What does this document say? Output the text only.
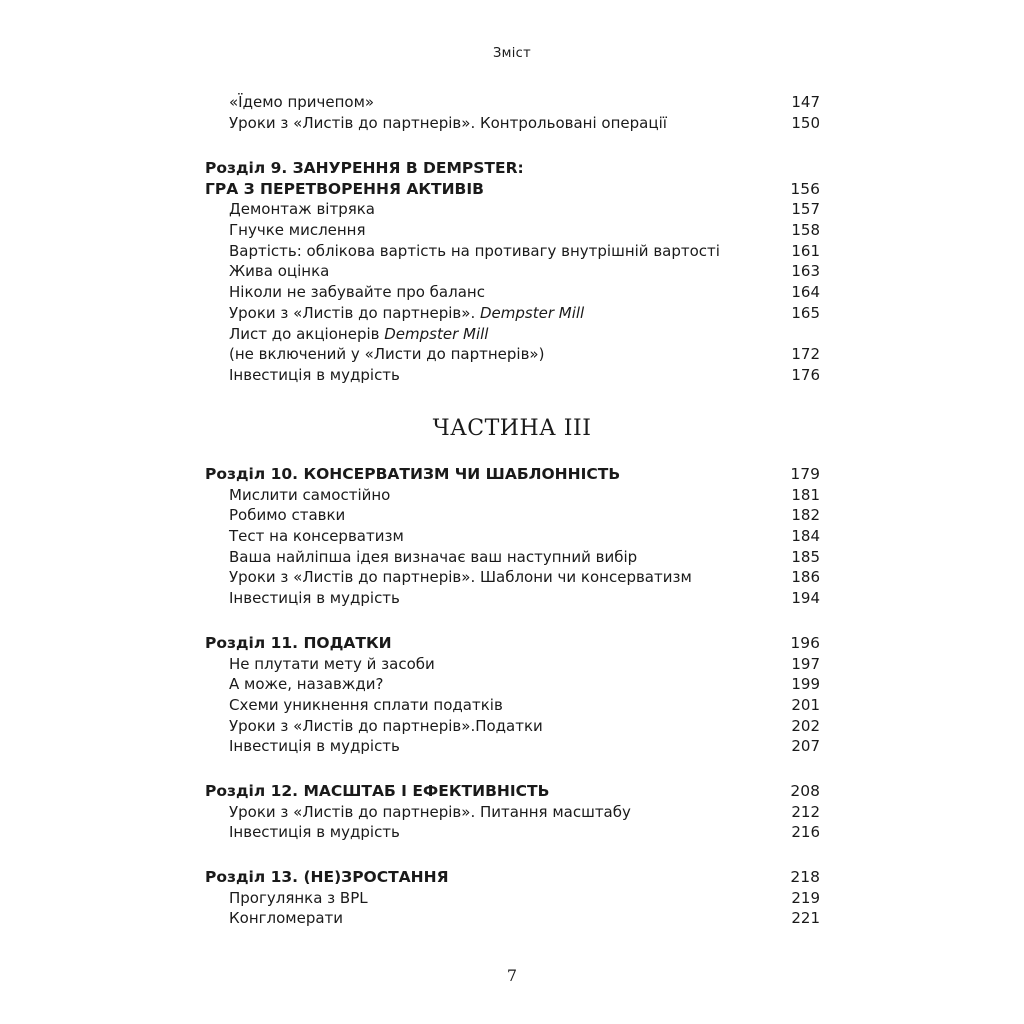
Зміст
«Їдемо причепом»	147
Уроки з «Листів до партнерів». Контрольовані операції	150
Розділ 9. ЗАНУРЕННЯ В DEMPSTER:
ГРА З ПЕРЕТВОРЕННЯ АКТИВІВ	156
Демонтаж вітряка	157
Гнучке мислення	158
Вартість: облікова вартість на противагу внутрішній вартості	161
Жива оцінка	163
Ніколи не забувайте про баланс	164
Уроки з «Листів до партнерів». Dempster Mill	165
Лист до акціонерів Dempster Mill
(не включений у «Листи до партнерів»)	172
Інвестиція в мудрість	176
ЧАСТИНА III
Розділ 10. КОНСЕРВАТИЗМ ЧИ ШАБЛОННІСТЬ	179
Мислити самостійно	181
Робимо ставки	182
Тест на консерватизм	184
Ваша найліпша ідея визначає ваш наступний вибір	185
Уроки з «Листів до партнерів». Шаблони чи консерватизм	186
Інвестиція в мудрість	194
Розділ 11. ПОДАТКИ	196
Не плутати мету й засоби	197
А може, назавжди?	199
Схеми уникнення сплати податків	201
Уроки з «Листів до партнерів».Податки	202
Інвестиція в мудрість	207
Розділ 12. МАСШТАБ І ЕФЕКТИВНІСТЬ	208
Уроки з «Листів до партнерів». Питання масштабу	212
Інвестиція в мудрість	216
Розділ 13. (НЕ)ЗРОСТАННЯ	218
Прогулянка з BPL	219
Конгломерати	221
7
